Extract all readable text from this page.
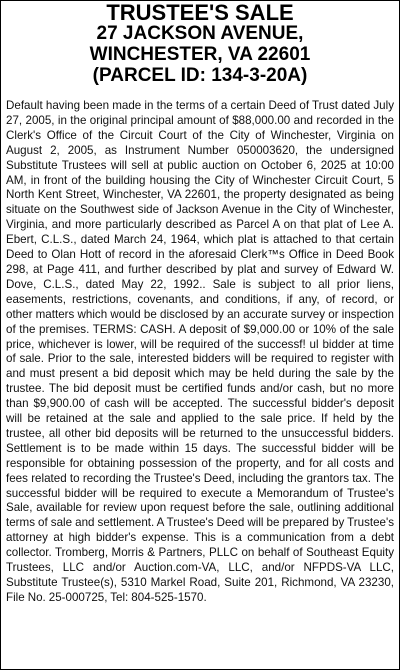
TRUSTEE'S SALE
27 JACKSON AVENUE,
WINCHESTER, VA 22601
(PARCEL ID: 134-3-20A)

Default having been made in the terms of a certain Deed of Trust dated July 27, 2005, in the original principal amount of $88,000.00 and recorded in the Clerk's Office of the Circuit Court of the City of Winchester, Virginia on August 2, 2005, as Instrument Number 050003620, the undersigned Substitute Trustees will sell at public auction on October 6, 2025 at 10:00 AM, in front of the building housing the City of Winchester Circuit Court, 5 North Kent Street, Winchester, VA 22601, the property designated as being situate on the Southwest side of Jackson Avenue in the City of Winchester, Virginia, and more particularly described as Parcel A on that plat of Lee A. Ebert, C.L.S., dated March 24, 1964, which plat is attached to that certain Deed to Olan Hott of record in the aforesaid Clerk™s Office in Deed Book 298, at Page 411, and further described by plat and survey of Edward W. Dove, C.L.S., dated May 22, 1992.. Sale is subject to all prior liens, easements, restrictions, covenants, and conditions, if any, of record, or other matters which would be disclosed by an accurate survey or inspection of the premises. TERMS: CASH. A deposit of $9,000.00 or 10% of the sale price, whichever is lower, will be required of the successf! ul bidder at time of sale. Prior to the sale, interested bidders will be required to register with and must present a bid deposit which may be held during the sale by the trustee. The bid deposit must be certified funds and/or cash, but no more than $9,900.00 of cash will be accepted. The successful bidder's deposit will be retained at the sale and applied to the sale price. If held by the trustee, all other bid deposits will be returned to the unsuccessful bidders. Settlement is to be made within 15 days. The successful bidder will be responsible for obtaining possession of the property, and for all costs and fees related to recording the Trustee's Deed, including the grantors tax. The successful bidder will be required to execute a Memorandum of Trustee's Sale, available for review upon request before the sale, outlining additional terms of sale and settlement. A Trustee's Deed will be prepared by Trustee's attorney at high bidder's expense. This is a communication from a debt collector. Tromberg, Morris & Partners, PLLC on behalf of Southeast Equity Trustees, LLC and/or Auction.com-VA, LLC, and/or NFPDS-VA LLC, Substitute Trustee(s), 5310 Markel Road, Suite 201, Richmond, VA 23230, File No. 25-000725, Tel: 804-525-1570.
